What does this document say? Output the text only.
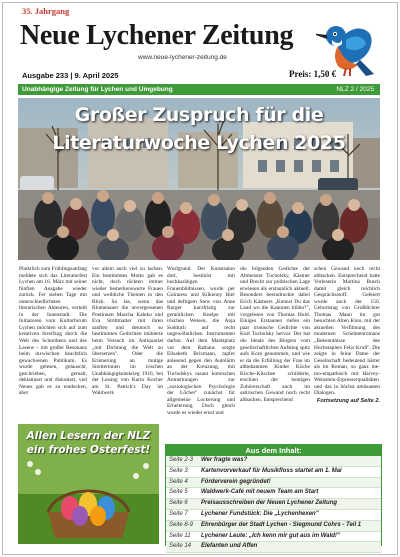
35. Jahrgang
Neue Lychener Zeitung
www.neue-lychener-zeitung.de
Ausgabe 233 | 9. April 2025	Preis: 1,50 €
Unabhängige Zeitung für Lychen und Umgebung	NLZ 2 / 2025
Großer Zuspruch für die
Literaturwoche Lychen 2025

Pünktlich zum Frühlingsanfang meldete sich das Literaturfest Lychen am 16. März mit seiner fünften Ausgabe wieder zurück. Fer sieben Tage mit unterschiedlichsten literarischen Akteuren, verteilt in der Innenstadt. Die Initiatoren vom Kulturforum Lychen möchten sich auf zum kreativen Streifzug durch die Welt des Schreibens und des Lesens – mit großer Resonanz beim inzwischen beachtlich gewachsenen Publikum. Es wurde gelesen, gelauscht, geschrieben, gemalt, deklamiert und diskutiert, viel Neues gab es zu entdecken, aber

vor allem auch viel zu lachen. Ein bestimmtes Motto gab es nicht, doch rückten immer wieder bemerkenswerte Frauen und weibliche Themen in den Blick. So las, wenn das Blumenauer die unvergessenen Poetinnen Mascha Kaleko und Eva Strittmatter mit ihren sanften und dennoch so bestimmten Gedichten mühlerte beim Versuch im Antiquariat „mit Dichtung die Welt zu übersetzen". Oder die Erinnerung an mutige Streiterinnen im irischen Unabhängigkeitskrieg 1916, bei der Lesung von Karin Kocher am St. Patrick's Day im Waldwerk

Wurlgrund. Der Kunstsalon dort, bestückt mit hochkarätigen Frauenbildnissen, wurde per Guinness und Kilkenny Bier und deftigem Stew von Anne Burger kurzfristig zur gemütlichen Kneipe mit irischen Weisen, die Anja Sudduch auf recht ungewöhnlichen Instrumenten darbot. Auf dem Marktplatz vor dem Rathaus sorgte Elisabeth Brixmann, tapfer anlesend gegen den Autolärm an der Kreuzung, mit Tucholskys rasant komischen Anmerkungen zur „soziologischen Psychologie der Löcher" zunächst für allgemeine Lockerung und Erheiterung. Doch gleich wurde es wieder ernst und

die folgenden Gedichte der Altmeister Tucholsky, Kästner und Brecht zur politischen Lage erwiesen als erstaunlich aktuell. Besonders beeindruckte dabei Erich Kästners „Kennst Du das Land wo die Kanonen blühn?", vorgelesen von Thomas Hold. Einiges Erstaunen riefen ein paar ironische Gedichte von Kurt Tucholsky hervor. Der hat die Ideale des Bürgers vom gesellschaftlichen Aufstieg spitz aufs Korn genommen, und wie er da die Erfüllung der Frau im altbekannten Kinder Küche Kirche-Klischee schilderte, erschien der heutigen Zuhörerschaft auch im satirischen Gewand noch recht altbacken. Entsprechend

schen Gewand noch recht altbacken. Entsprechend hatte Vorleserin Martina Busch damit gleich reichlich Gesprächsstoff. Gefeiert wurde auch der 150. Geburtstag von Großdichter Thomas Mann im gut besuchten Alten Kino, mit der aktuellen Verfilmung des modernen Schelmenromans „Bekenntnisse des Hochstaplers Felix Krull". Die zeigte in feine Dame der Gesellschaft bedeutend härter als im Roman, so ganz me-too-empathisch mit Harvey-Weinstein-Erpresserqualitäten und das in höchst amüsanten Dialogen.

Fortsetzung auf Seite 2.
Allen Lesern der NLZ
ein frohes Osterfest!	Aus dem Inhalt:
Seite 2-3 Wer fragte was?
Seite 3 Kartenvorverkauf für Musikfloss startet am 1. Mai
Seite 4 Förderverein gegründet!
Seite 5 Waldwerk-Café mit neuem Team am Start
Seite 6 Preisausschreiben der Neuen Lychener Zeitung
Seite 7 Lychener Fundstück: Die „Lychenhexen"
Seite 8-9 Ehrenbürger der Stadt Lychen - Siegmund Cohrs - Teil 1
Seite 11 Lychener Leute: „Ich kenn mir gut aus im Wald!"
Seite 14 Elefanten und Affen
